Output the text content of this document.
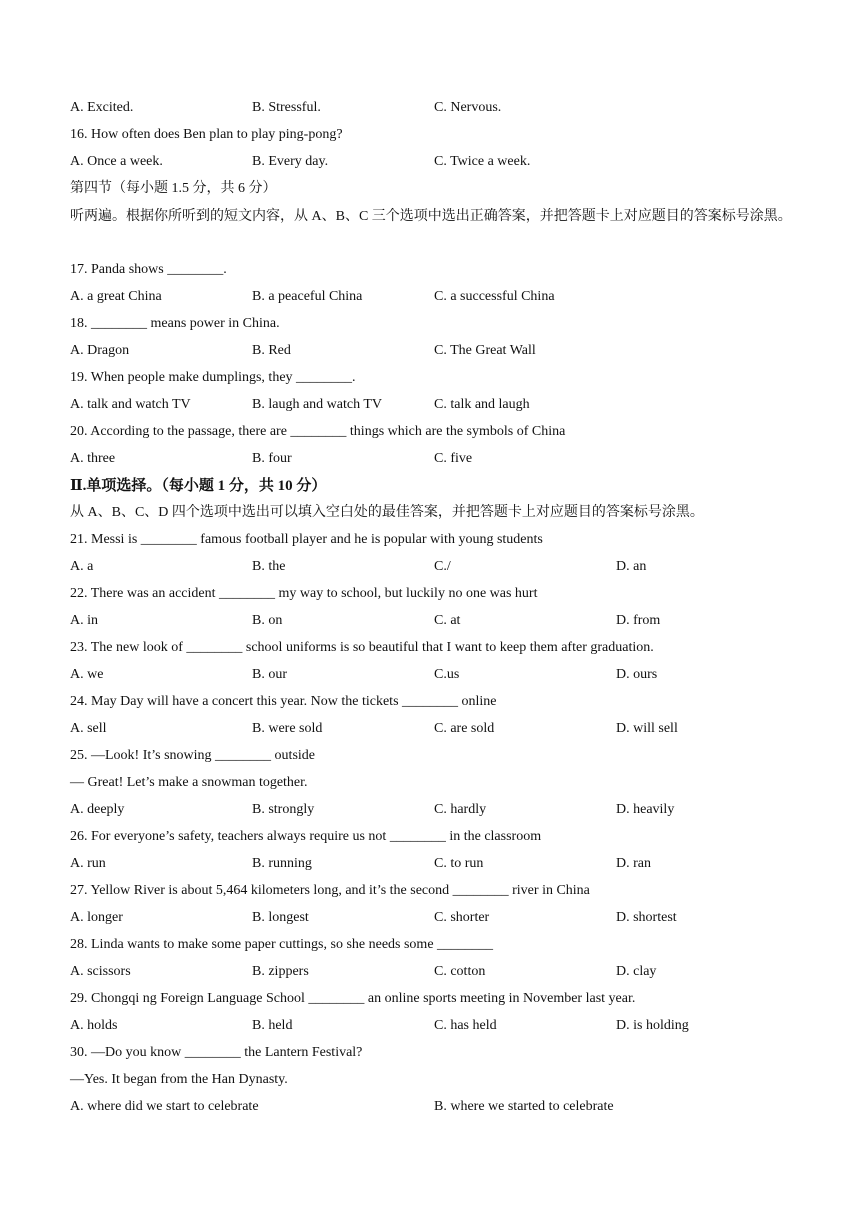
A. Excited.	B. Stressful.	C. Nervous.
16. How often does Ben plan to play ping-pong?
A. Once a week.	B. Every day.	C. Twice a week.
第四节（每小题 1.5 分，共 6 分）
听两遍。根据你所听到的短文内容，从 A、B、C 三个选项中选出正确答案，并把答题卡上对应题目的答案标号涂黑。
17. Panda shows ________.
A. a great China	B. a peaceful China	C. a successful China
18. ________ means power in China.
A. Dragon	B. Red	C. The Great Wall
19. When people make dumplings, they ________.
A. talk and watch TV	B. laugh and watch TV	C. talk and laugh
20. According to the passage, there are ________ things which are the symbols of China
A. three	B. four	C. five
Ⅱ.单项选择。（每小题 1 分，共 10 分）
从 A、B、C、D 四个选项中选出可以填入空白处的最佳答案，并把答题卡上对应题目的答案标号涂黑。
21. Messi is ________ famous football player and he is popular with young students
A. a	B. the	C./	D. an
22. There was an accident ________ my way to school, but luckily no one was hurt
A. in	B. on	C. at	D. from
23. The new look of ________ school uniforms is so beautiful that I want to keep them after graduation.
A. we	B. our	C.us	D. ours
24. May Day will have a concert this year. Now the tickets ________ online
A. sell	B. were sold	C. are sold	D. will sell
25. —Look! It’s snowing ________ outside
— Great! Let’s make a snowman together.
A. deeply	B. strongly	C. hardly	D. heavily
26. For everyone’s safety, teachers always require us not ________ in the classroom
A. run	B. running	C. to run	D. ran
27. Yellow River is about 5,464 kilometers long, and it’s the second ________ river in China
A. longer	B. longest	C. shorter	D. shortest
28. Linda wants to make some paper cuttings, so she needs some ________
A. scissors	B. zippers	C. cotton	D. clay
29. Chongqi ng Foreign Language School ________ an online sports meeting in November last year.
A. holds	B. held	C. has held	D. is holding
30. —Do you know ________ the Lantern Festival?
—Yes. It began from the Han Dynasty.
A. where did we start to celebrate	B. where we started to celebrate
